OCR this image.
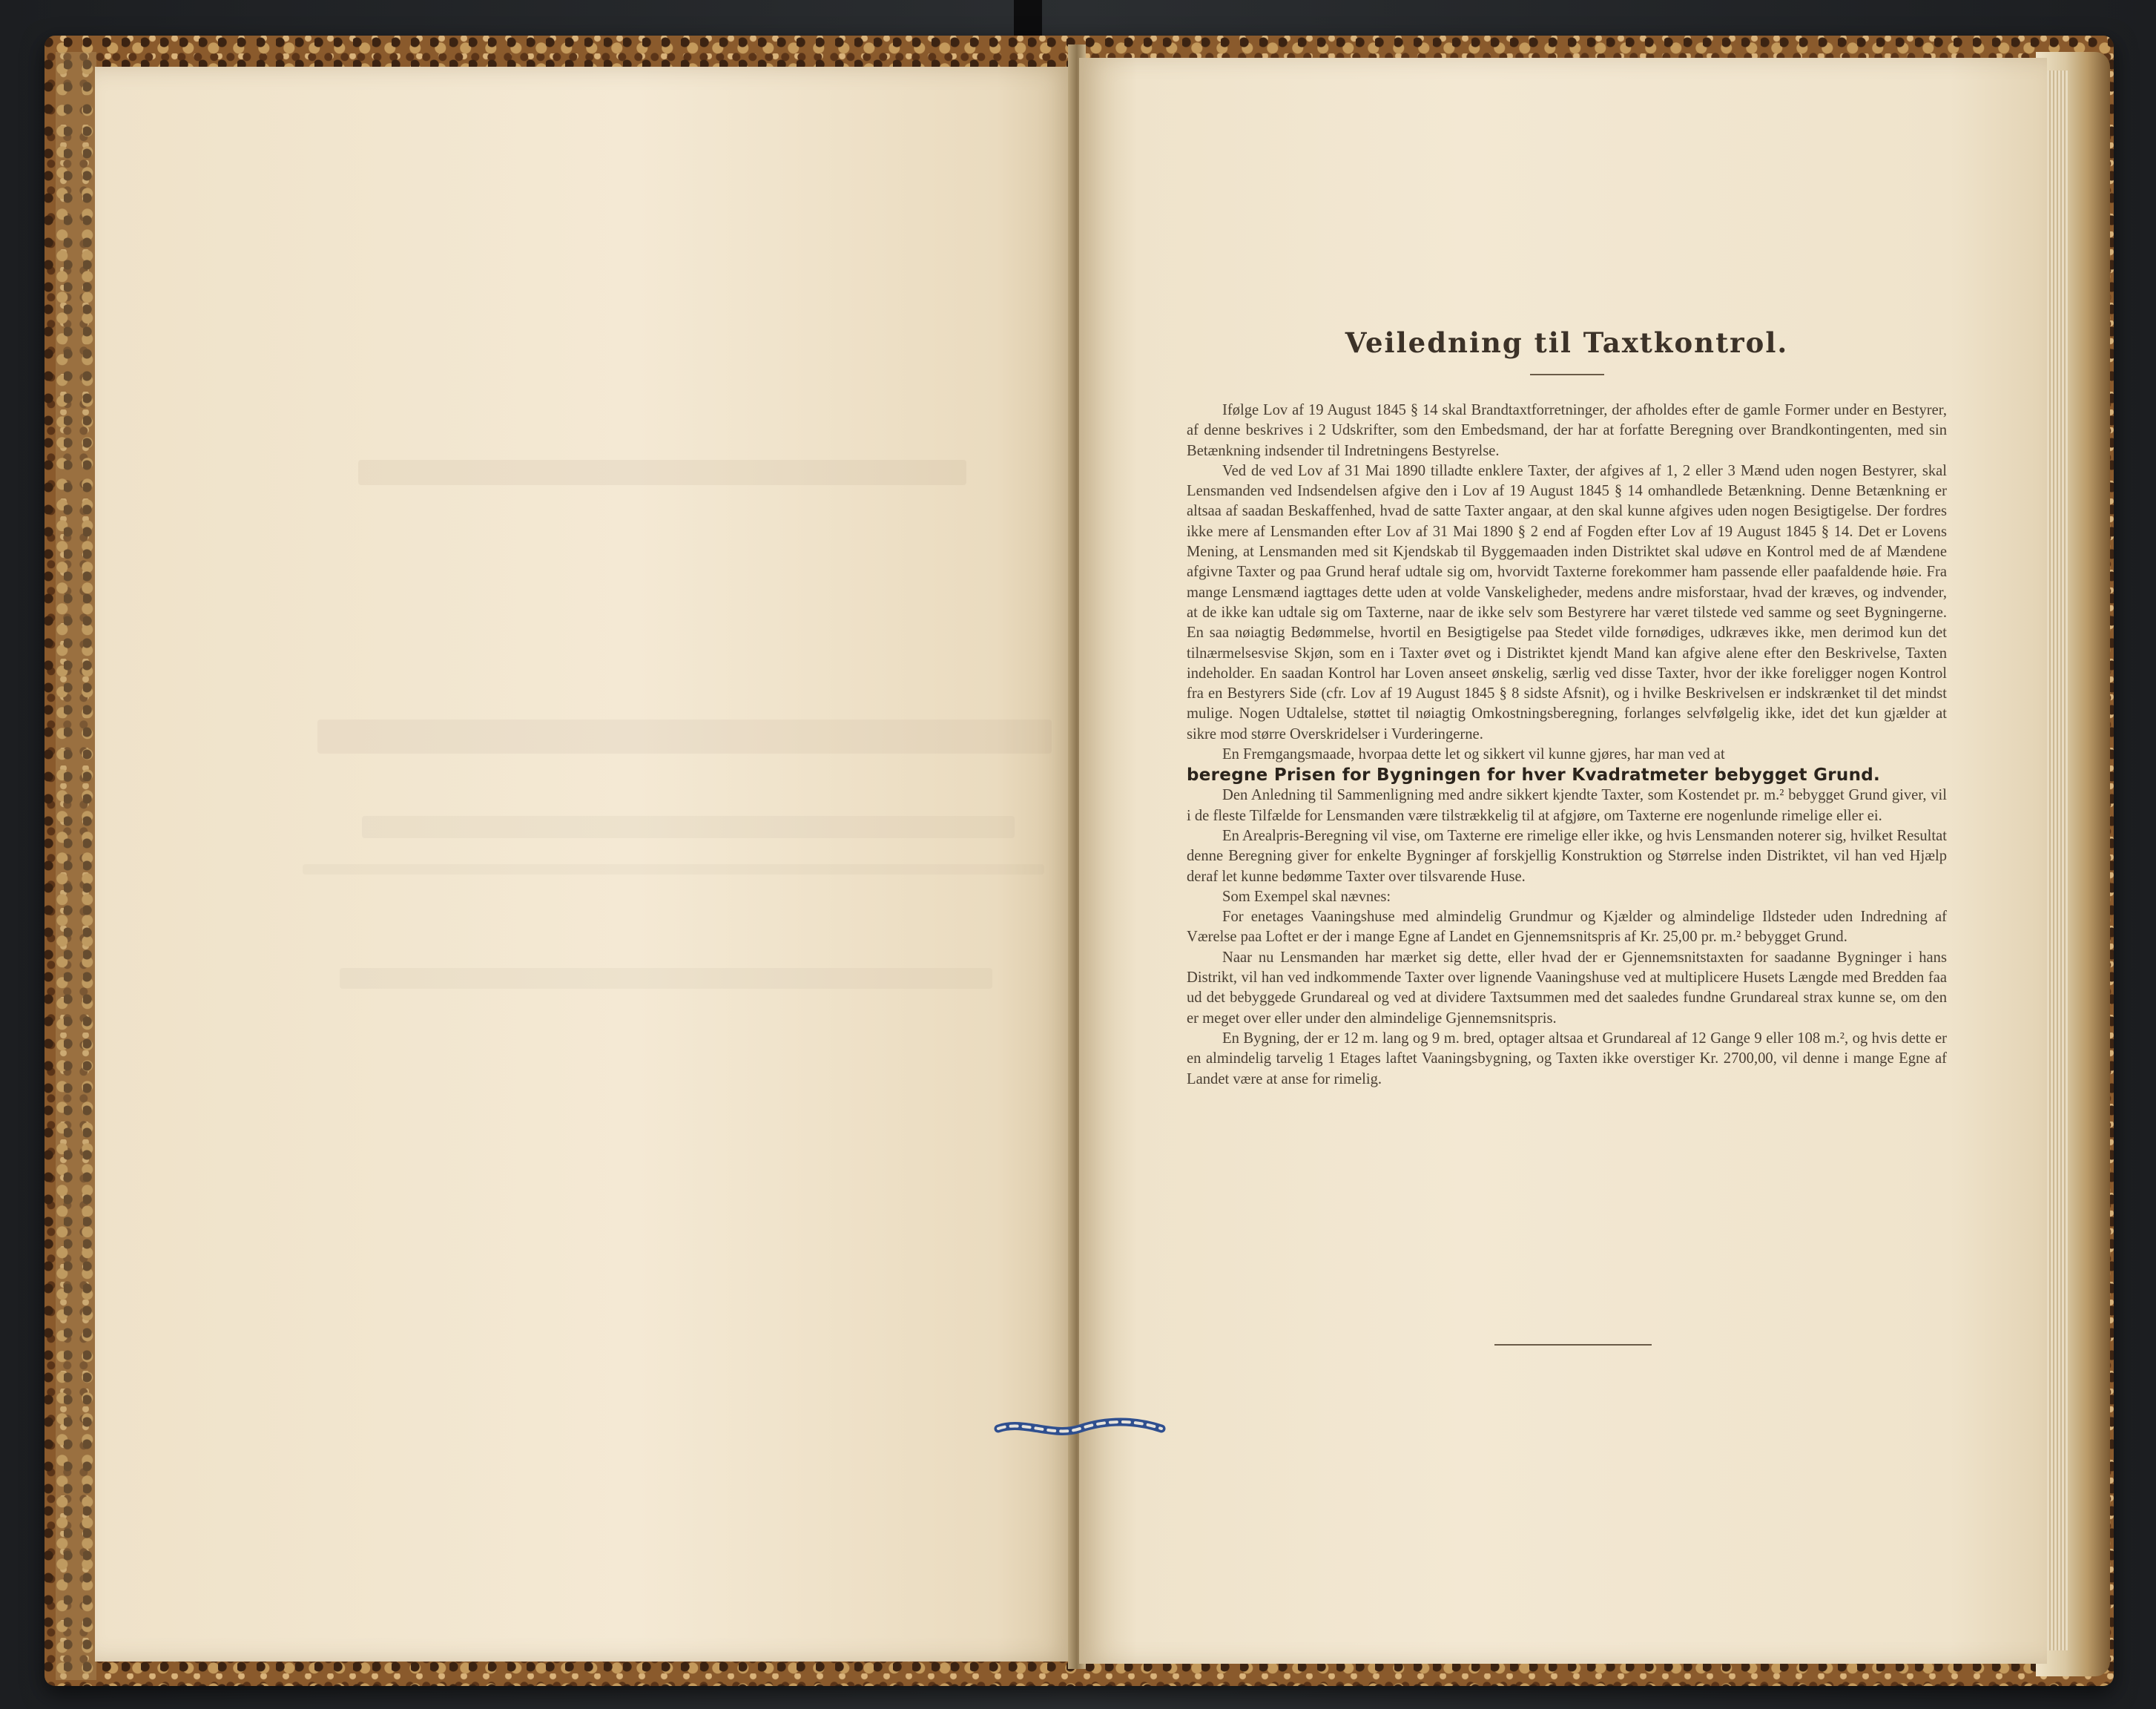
Veiledning til Taxtkontrol.

Ifølge Lov af 19 August 1845 § 14 skal Brandtaxtforretninger, der afholdes efter de gamle Former under en Bestyrer, af denne beskrives i 2 Udskrifter, som den Embedsmand, der har at forfatte Beregning over Brandkontingenten, med sin Betænkning indsender til Indretningens Bestyrelse.

Ved de ved Lov af 31 Mai 1890 tilladte enklere Taxter, der afgives af 1, 2 eller 3 Mænd uden nogen Bestyrer, skal Lensmanden ved Indsendelsen afgive den i Lov af 19 August 1845 § 14 omhandlede Betænkning. Denne Betænkning er altsaa af saadan Beskaffenhed, hvad de satte Taxter angaar, at den skal kunne afgives uden nogen Besigtigelse. Der fordres ikke mere af Lensmanden efter Lov af 31 Mai 1890 § 2 end af Fogden efter Lov af 19 August 1845 § 14. Det er Lovens Mening, at Lensmanden med sit Kjendskab til Byggemaaden inden Distriktet skal udøve en Kontrol med de af Mændene afgivne Taxter og paa Grund heraf udtale sig om, hvorvidt Taxterne forekommer ham passende eller paafaldende høie. Fra mange Lensmænd iagttages dette uden at volde Vanskeligheder, medens andre misforstaar, hvad der kræves, og indvender, at de ikke kan udtale sig om Taxterne, naar de ikke selv som Bestyrere har været tilstede ved samme og seet Bygningerne. En saa nøiagtig Bedømmelse, hvortil en Besigtigelse paa Stedet vilde fornødiges, udkræves ikke, men derimod kun det tilnærmelsesvise Skjøn, som en i Taxter øvet og i Distriktet kjendt Mand kan afgive alene efter den Beskrivelse, Taxten indeholder. En saadan Kontrol har Loven anseet ønskelig, særlig ved disse Taxter, hvor der ikke foreligger nogen Kontrol fra en Bestyrers Side (cfr. Lov af 19 August 1845 § 8 sidste Afsnit), og i hvilke Beskrivelsen er indskrænket til det mindst mulige. Nogen Udtalelse, støttet til nøiagtig Omkostningsberegning, forlanges selvfølgelig ikke, idet det kun gjælder at sikre mod større Overskridelser i Vurderingerne.

En Fremgangsmaade, hvorpaa dette let og sikkert vil kunne gjøres, har man ved at

beregne Prisen for Bygningen for hver Kvadratmeter bebygget Grund.

Den Anledning til Sammenligning med andre sikkert kjendte Taxter, som Kostendet pr. m.² bebygget Grund giver, vil i de fleste Tilfælde for Lensmanden være tilstrækkelig til at afgjøre, om Taxterne ere nogenlunde rimelige eller ei.

En Arealpris-Beregning vil vise, om Taxterne ere rimelige eller ikke, og hvis Lensmanden noterer sig, hvilket Resultat denne Beregning giver for enkelte Bygninger af forskjellig Konstruktion og Størrelse inden Distriktet, vil han ved Hjælp deraf let kunne bedømme Taxter over tilsvarende Huse.

Som Exempel skal nævnes:

For enetages Vaaningshuse med almindelig Grundmur og Kjælder og almindelige Ildsteder uden Indredning af Værelse paa Loftet er der i mange Egne af Landet en Gjennemsnitspris af Kr. 25,00 pr. m.² bebygget Grund.

Naar nu Lensmanden har mærket sig dette, eller hvad der er Gjennemsnitstaxten for saadanne Bygninger i hans Distrikt, vil han ved indkommende Taxter over lignende Vaaningshuse ved at multiplicere Husets Længde med Bredden faa ud det bebyggede Grundareal og ved at dividere Taxtsummen med det saaledes fundne Grundareal strax kunne se, om den er meget over eller under den almindelige Gjennemsnitspris.

En Bygning, der er 12 m. lang og 9 m. bred, optager altsaa et Grundareal af 12 Gange 9 eller 108 m.², og hvis dette er en almindelig tarvelig 1 Etages laftet Vaaningsbygning, og Taxten ikke overstiger Kr. 2700,00, vil denne i mange Egne af Landet være at anse for rimelig.
